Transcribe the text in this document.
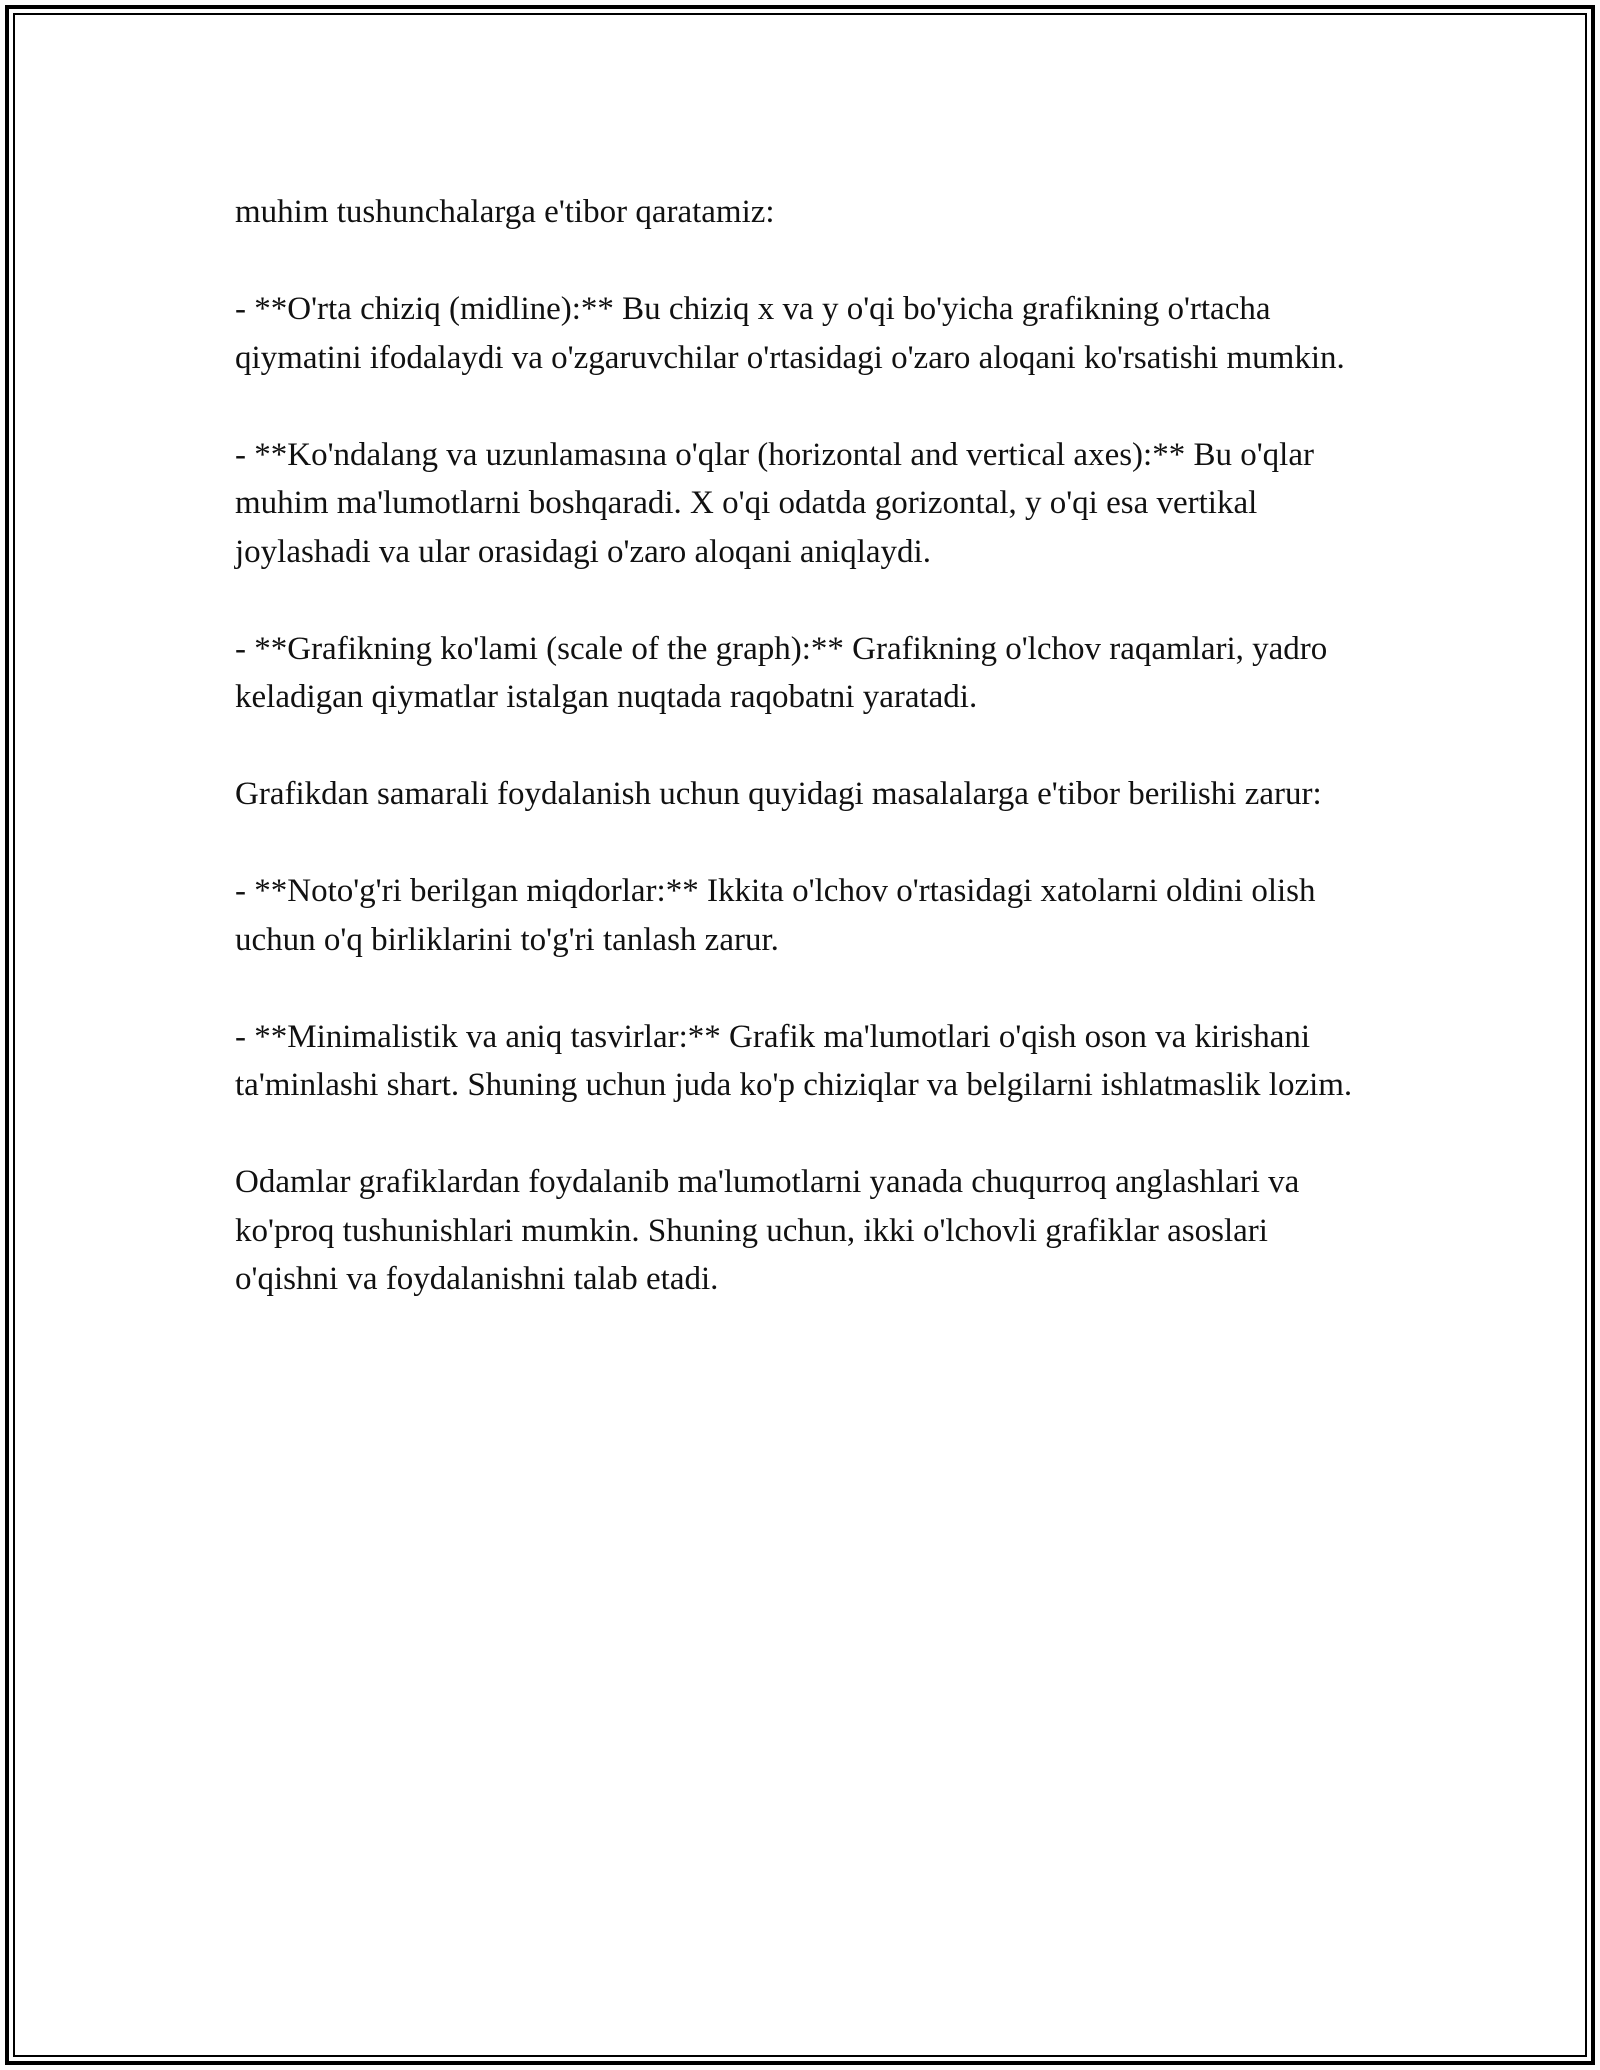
muhim tushunchalarga e'tibor qaratamiz:

- **O'rta chiziq (midline):** Bu chiziq x va y o'qi bo'yicha grafikning o'rtacha qiymatini ifodalaydi va o'zgaruvchilar o'rtasidagi o'zaro aloqani ko'rsatishi mumkin.

- **Ko'ndalang va uzunlamasına o'qlar (horizontal and vertical axes):** Bu o'qlar muhim ma'lumotlarni boshqaradi. X o'qi odatda gorizontal, y o'qi esa vertikal joylashadi va ular orasidagi o'zaro aloqani aniqlaydi.

- **Grafikning ko'lami (scale of the graph):** Grafikning o'lchov raqamlari, yadro keladigan qiymatlar istalgan nuqtada raqobatni yaratadi.

Grafikdan samarali foydalanish uchun quyidagi masalalarga e'tibor berilishi zarur:

- **Noto'g'ri berilgan miqdorlar:** Ikkita o'lchov o'rtasidagi xatolarni oldini olish uchun o'q birliklarini to'g'ri tanlash zarur.

- **Minimalistik va aniq tasvirlar:** Grafik ma'lumotlari o'qish oson va kirishani ta'minlashi shart. Shuning uchun juda ko'p chiziqlar va belgilarni ishlatmaslik lozim.

Odamlar grafiklardan foydalanib ma'lumotlarni yanada chuqurroq anglashlari va ko'proq tushunishlari mumkin. Shuning uchun, ikki o'lchovli grafiklar asoslari o'qishni va foydalanishni talab etadi.
